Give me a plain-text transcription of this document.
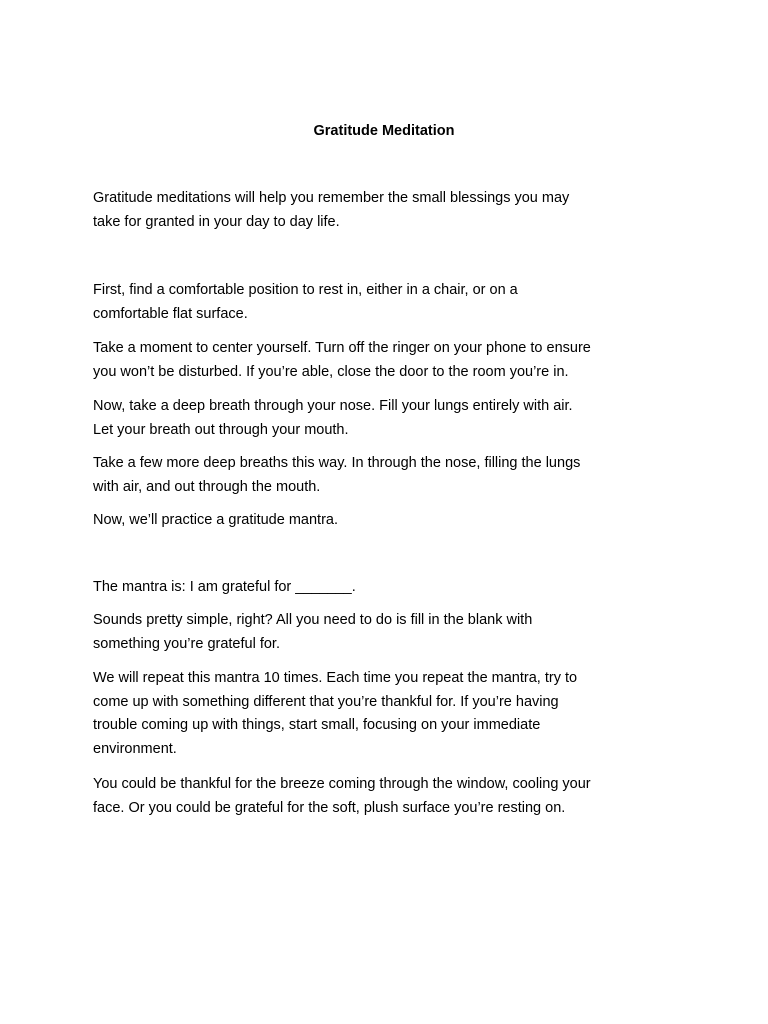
Gratitude Meditation

Gratitude meditations will help you remember the small blessings you may
take for granted in your day to day life.

First, find a comfortable position to rest in, either in a chair, or on a
comfortable flat surface.

Take a moment to center yourself. Turn off the ringer on your phone to ensure
you won’t be disturbed. If you’re able, close the door to the room you’re in.

Now, take a deep breath through your nose. Fill your lungs entirely with air.
Let your breath out through your mouth.

Take a few more deep breaths this way. In through the nose, filling the lungs
with air, and out through the mouth.

Now, we’ll practice a gratitude mantra.

The mantra is: I am grateful for _______.

Sounds pretty simple, right? All you need to do is fill in the blank with
something you’re grateful for.

We will repeat this mantra 10 times. Each time you repeat the mantra, try to
come up with something different that you’re thankful for. If you’re having
trouble coming up with things, start small, focusing on your immediate
environment.

You could be thankful for the breeze coming through the window, cooling your
face. Or you could be grateful for the soft, plush surface you’re resting on.
